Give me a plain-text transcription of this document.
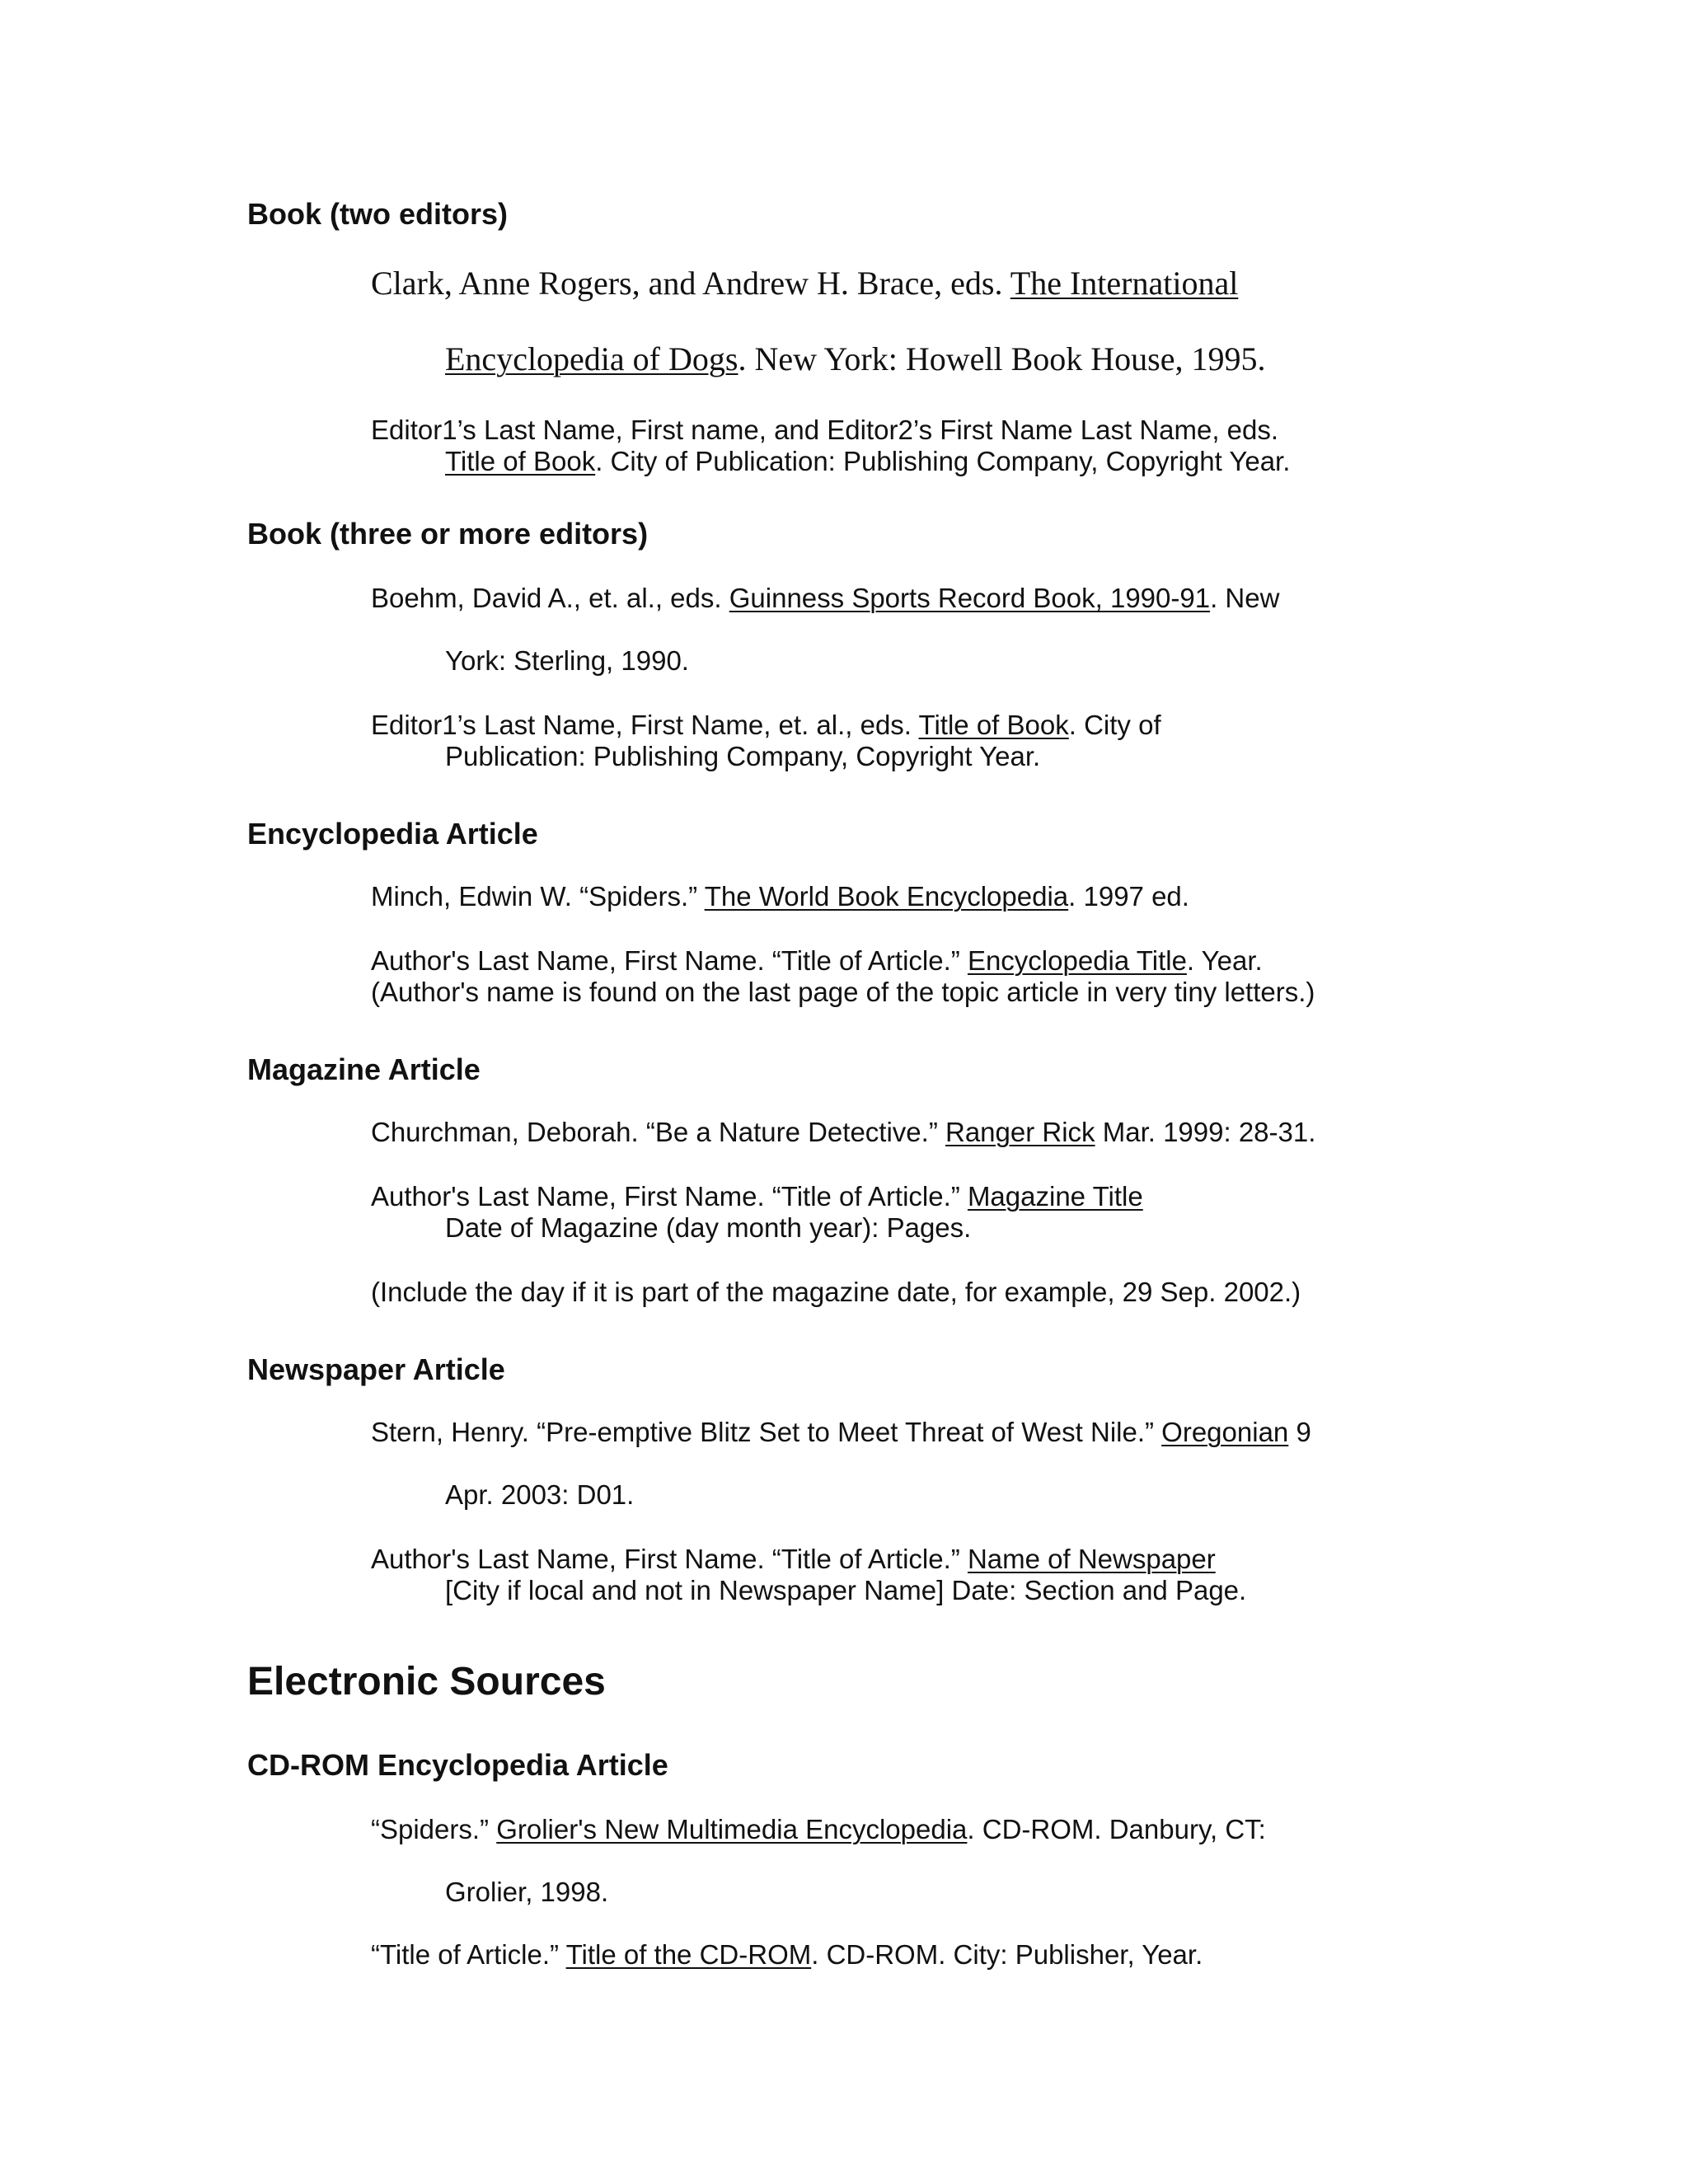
Book (two editors)

Clark, Anne Rogers, and Andrew H. Brace, eds. The International

Encyclopedia of Dogs. New York: Howell Book House, 1995.

Editor1’s Last Name, First name, and Editor2’s First Name Last Name, eds.

Title of Book. City of Publication: Publishing Company, Copyright Year.

Book (three or more editors)

Boehm, David A., et. al., eds. Guinness Sports Record Book, 1990-91. New

York: Sterling, 1990.

Editor1’s Last Name, First Name, et. al., eds. Title of Book. City of

Publication: Publishing Company, Copyright Year.

Encyclopedia Article

Minch, Edwin W. “Spiders.” The World Book Encyclopedia. 1997 ed.

Author's Last Name, First Name. “Title of Article.” Encyclopedia Title. Year.

(Author's name is found on the last page of the topic article in very tiny letters.)

Magazine Article

Churchman, Deborah. “Be a Nature Detective.” Ranger Rick Mar. 1999: 28-31.

Author's Last Name, First Name. “Title of Article.” Magazine Title

Date of Magazine (day month year): Pages.

(Include the day if it is part of the magazine date, for example, 29 Sep. 2002.)

Newspaper Article

Stern, Henry. “Pre-emptive Blitz Set to Meet Threat of West Nile.” Oregonian 9

Apr. 2003: D01.

Author's Last Name, First Name. “Title of Article.” Name of Newspaper

[City if local and not in Newspaper Name] Date: Section and Page.

Electronic Sources
CD-ROM Encyclopedia Article

“Spiders.” Grolier's New Multimedia Encyclopedia. CD-ROM. Danbury, CT:

Grolier, 1998.

“Title of Article.” Title of the CD-ROM. CD-ROM. City: Publisher, Year.
